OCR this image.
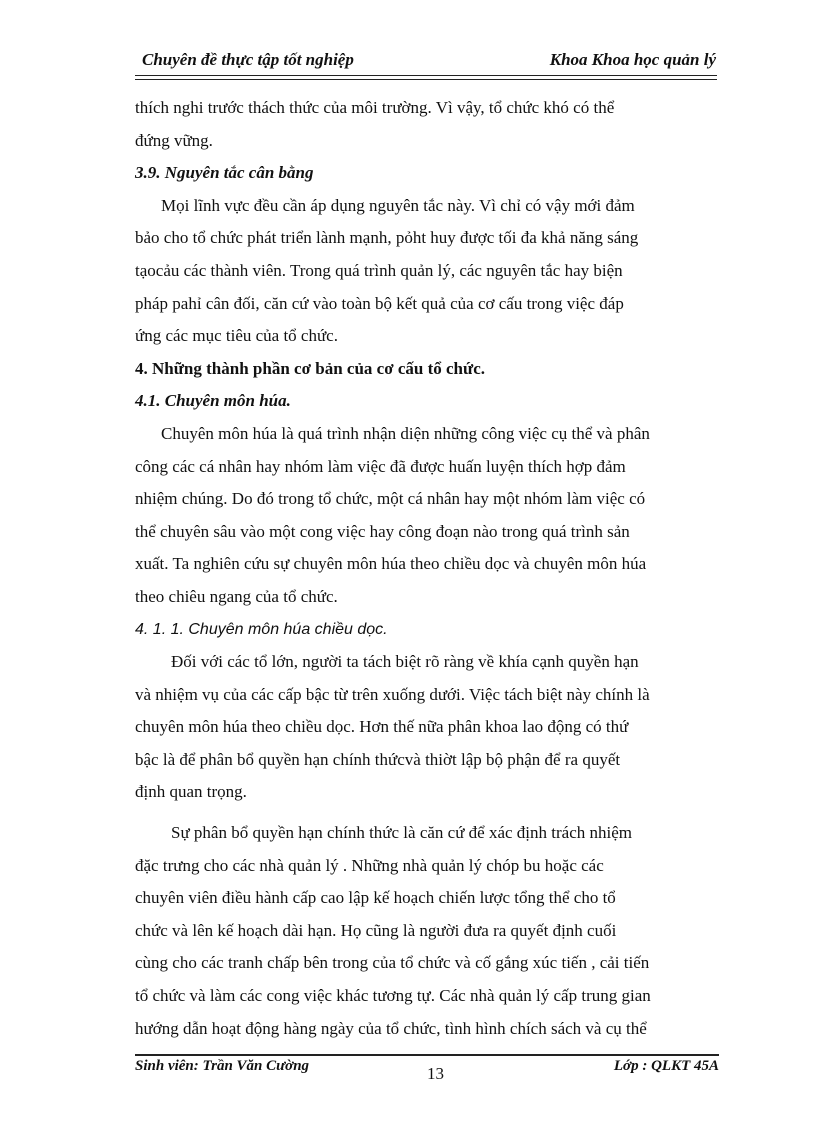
Chuyên đề thực tập tốt nghiệp	Khoa Khoa học quản lý
thích nghi trước thách thức của môi trường. Vì vậy, tổ chức khó có thể
đứng vững.
3.9. Nguyên tắc cân bằng
Mọi lĩnh vực đều cần áp dụng nguyên tắc này. Vì chỉ có vậy mới đảm
bảo cho tổ chức phát triển lành mạnh, pỏht huy được tối đa khả năng sáng
tạocảu các thành viên. Trong quá trình quản lý, các nguyên tắc hay biện
pháp pahỉ cân đối, căn cứ vào toàn bộ kết quả của cơ cấu trong việc đáp
ứng các mục tiêu của tổ chức.
4. Những thành phần cơ bản của cơ cấu tổ chức.
4.1. Chuyên môn húa.
Chuyên môn húa là quá trình nhận diện những công việc cụ thể và phân
công các cá nhân hay nhóm làm việc đã được huấn luyện thích hợp đảm
nhiệm chúng. Do đó trong tổ chức, một cá nhân hay một nhóm làm việc có
thể chuyên sâu vào một cong việc hay công đoạn nào trong quá trình sản
xuất. Ta nghiên cứu sự chuyên môn húa theo chiều dọc và chuyên môn húa
theo chiêu ngang của tổ chức.
4. 1. 1. Chuyên môn húa chiều dọc.
Đối với các tổ lớn, người ta tách biệt rõ ràng về khía cạnh quyền hạn
và nhiệm vụ của các cấp bậc từ trên xuống dưới. Việc tách biệt này chính là
chuyên môn húa theo chiều dọc. Hơn thế nữa phân khoa lao động có thứ
bậc là để phân bổ quyền hạn chính thứcvà thiờt lập bộ phận để ra quyết
định quan trọng.
Sự phân bổ quyền hạn chính thức là căn cứ để xác định trách nhiệm
đặc trưng cho các nhà quản lý . Những nhà quản lý chóp bu hoặc các
chuyên viên điều hành cấp cao lập kế hoạch chiến lược tổng thể cho tổ
chức và lên kế hoạch dài hạn. Họ cũng là người đưa ra quyết định cuối
cùng cho các tranh chấp bên trong của tổ chức và cố gắng xúc tiến , cải tiến
tổ chức và làm các cong việc khác tương tự. Các nhà quản lý cấp trung gian
hướng dẫn hoạt động hàng ngày của tổ chức, tình hình chích sách và cụ thể
Sinh viên: Trần Văn Cường	13	Lớp : QLKT 45A
